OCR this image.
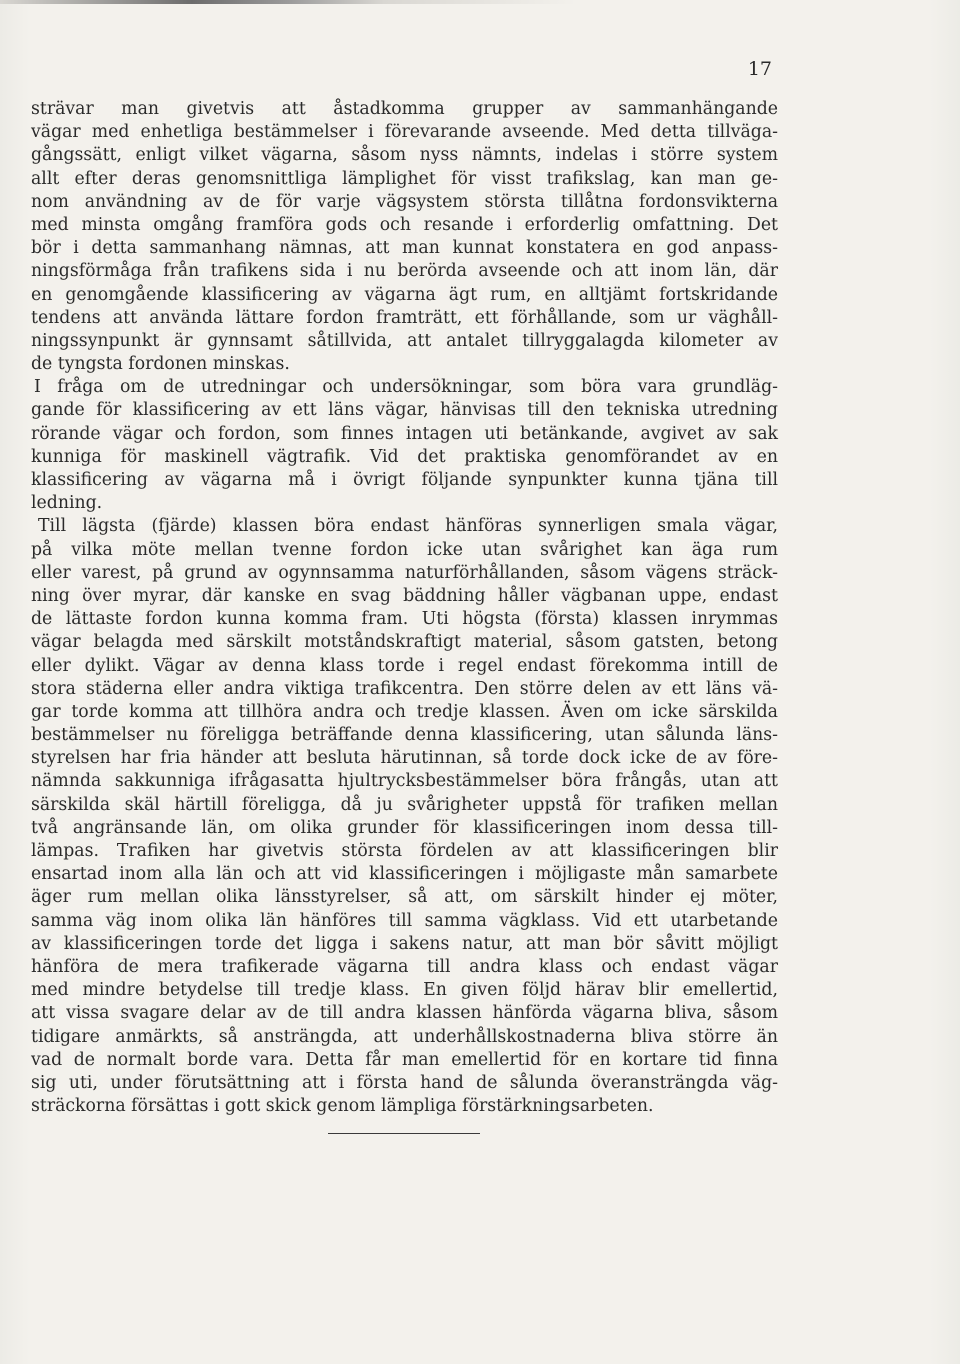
17
strävar man givetvis att åstadkomma grupper av sammanhängande
vägar med enhetliga bestämmelser i förevarande avseende. Med detta tillväga-
gångssätt, enligt vilket vägarna, såsom nyss nämnts, indelas i större system
allt efter deras genomsnittliga lämplighet för visst trafikslag, kan man ge-
nom användning av de för varje vägsystem största tillåtna fordonsvikterna
med minsta omgång framföra gods och resande i erforderlig omfattning. Det
bör i detta sammanhang nämnas, att man kunnat konstatera en god anpass-
ningsförmåga från trafikens sida i nu berörda avseende och att inom län, där
en genomgående klassificering av vägarna ägt rum, en alltjämt fortskridande
tendens att använda lättare fordon framträtt, ett förhållande, som ur väghåll-
ningssynpunkt är gynnsamt såtillvida, att antalet tillryggalagda kilometer av
de tyngsta fordonen minskas.
I fråga om de utredningar och undersökningar, som böra vara grundläg-
gande för klassificering av ett läns vägar, hänvisas till den tekniska utredning
rörande vägar och fordon, som finnes intagen uti betänkande, avgivet av sak
kunniga för maskinell vägtrafik. Vid det praktiska genomförandet av en
klassificering av vägarna må i övrigt följande synpunkter kunna tjäna till
ledning.
Till lägsta (fjärde) klassen böra endast hänföras synnerligen smala vägar,
på vilka möte mellan tvenne fordon icke utan svårighet kan äga rum
eller varest, på grund av ogynnsamma naturförhållanden, såsom vägens sträck-
ning över myrar, där kanske en svag bäddning håller vägbanan uppe, endast
de lättaste fordon kunna komma fram. Uti högsta (första) klassen inrymmas
vägar belagda med särskilt motståndskraftigt material, såsom gatsten, betong
eller dylikt. Vägar av denna klass torde i regel endast förekomma intill de
stora städerna eller andra viktiga trafikcentra. Den större delen av ett läns vä-
gar torde komma att tillhöra andra och tredje klassen. Även om icke särskilda
bestämmelser nu föreligga beträffande denna klassificering, utan sålunda läns-
styrelsen har fria händer att besluta härutinnan, så torde dock icke de av före-
nämnda sakkunniga ifrågasatta hjultrycksbestämmelser böra frångås, utan att
särskilda skäl härtill föreligga, då ju svårigheter uppstå för trafiken mellan
två angränsande län, om olika grunder för klassificeringen inom dessa till-
lämpas. Trafiken har givetvis största fördelen av att klassificeringen blir
ensartad inom alla län och att vid klassificeringen i möjligaste mån samarbete
äger rum mellan olika länsstyrelser, så att, om särskilt hinder ej möter,
samma väg inom olika län hänföres till samma vägklass. Vid ett utarbetande
av klassificeringen torde det ligga i sakens natur, att man bör såvitt möjligt
hänföra de mera trafikerade vägarna till andra klass och endast vägar
med mindre betydelse till tredje klass. En given följd härav blir emellertid,
att vissa svagare delar av de till andra klassen hänförda vägarna bliva, såsom
tidigare anmärkts, så ansträngda, att underhållskostnaderna bliva större än
vad de normalt borde vara. Detta får man emellertid för en kortare tid finna
sig uti, under förutsättning att i första hand de sålunda överansträngda väg-
sträckorna försättas i gott skick genom lämpliga förstärkningsarbeten.
